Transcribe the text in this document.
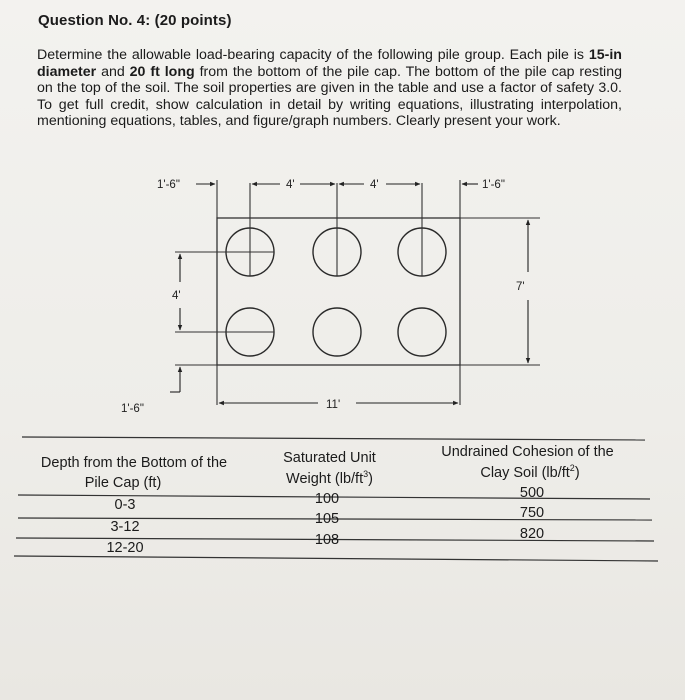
Question No. 4: (20 points)
Determine the allowable load-bearing capacity of the following pile group. Each pile is 15-in diameter and 20 ft long from the bottom of the pile cap. The bottom of the pile cap resting on the top of the soil. The soil properties are given in the table and use a factor of safety 3.0. To get full credit, show calculation in detail by writing equations, illustrating interpolation, mentioning equations, tables, and figure/graph numbers. Clearly present your work.
1'-6"	4'	4'	1'-6"
7'
4'
1'-6"	11'
Depth from the Bottom of the
Pile Cap (ft)
Saturated Unit
Weight $(lb/ft^3)$
Undrained Cohesion of the
Clay Soil $(lb/ft^2)$
0-3	100	500
3-12	105	750
12-20	108	820
